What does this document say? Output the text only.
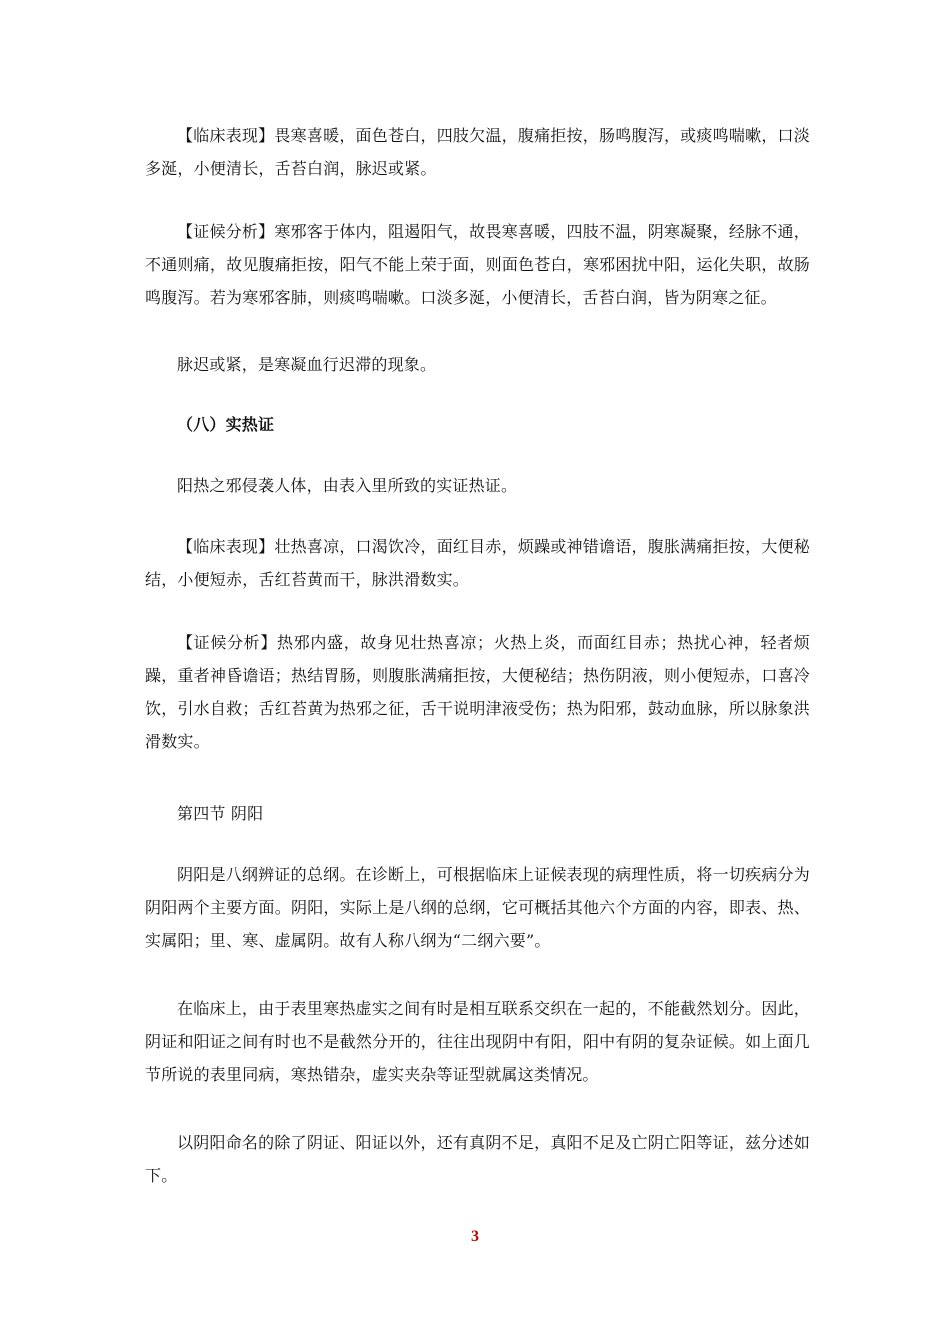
【临床表现】畏寒喜暖，面色苍白，四肢欠温，腹痛拒按，肠鸣腹泻，或痰鸣喘嗽，口淡多涎，小便清长，舌苔白润，脉迟或紧。

【证候分析】寒邪客于体内，阻遏阳气，故畏寒喜暖，四肢不温，阴寒凝聚，经脉不通，不通则痛，故见腹痛拒按，阳气不能上荣于面，则面色苍白，寒邪困扰中阳，运化失职，故肠鸣腹泻。若为寒邪客肺，则痰鸣喘嗽。口淡多涎，小便清长，舌苔白润，皆为阴寒之征。

脉迟或紧，是寒凝血行迟滞的现象。

（八）实热证

阳热之邪侵袭人体，由表入里所致的实证热证。

【临床表现】壮热喜凉，口渴饮冷，面红目赤，烦躁或神错谵语，腹胀满痛拒按，大便秘结，小便短赤，舌红苔黄而干，脉洪滑数实。

【证候分析】热邪内盛，故身见壮热喜凉；火热上炎，而面红目赤；热扰心神，轻者烦躁，重者神昏谵语；热结胃肠，则腹胀满痛拒按，大便秘结；热伤阴液，则小便短赤，口喜冷饮，引水自救；舌红苔黄为热邪之征，舌干说明津液受伤；热为阳邪，鼓动血脉，所以脉象洪滑数实。

第四节 阴阳

阴阳是八纲辨证的总纲。在诊断上，可根据临床上证候表现的病理性质，将一切疾病分为阴阳两个主要方面。阴阳，实际上是八纲的总纲，它可概括其他六个方面的内容，即表、热、实属阳；里、寒、虚属阴。故有人称八纲为“二纲六要”。

在临床上，由于表里寒热虚实之间有时是相互联系交织在一起的，不能截然划分。因此，阴证和阳证之间有时也不是截然分开的，往往出现阴中有阳，阳中有阴的复杂证候。如上面几节所说的表里同病，寒热错杂，虚实夹杂等证型就属这类情况。

以阴阳命名的除了阴证、阳证以外，还有真阴不足，真阳不足及亡阴亡阳等证，兹分述如下。

3
